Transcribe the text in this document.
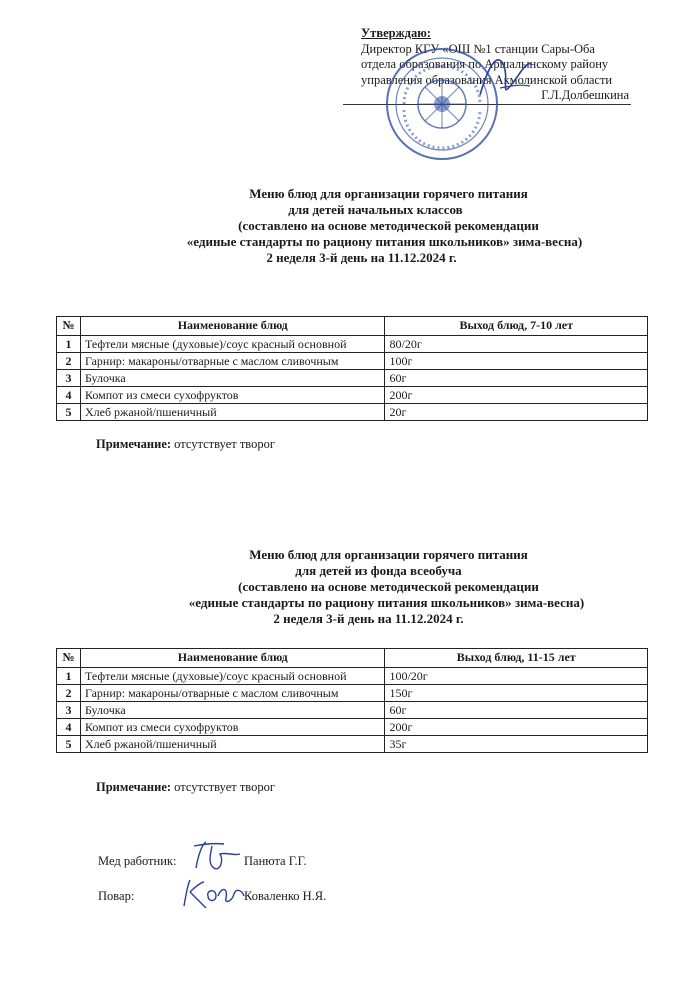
Утверждаю:
Директор КГУ «ОШ №1 станции Сары-Оба
отдела образования по Аршалынскому району
управления образования Акмолинской области
Г.Л.Долбешкина
Меню блюд для организации горячего питания
для детей начальных классов
(составлено на основе методической рекомендации
«единые стандарты по рациону питания школьников» зима-весна)
2 неделя 3-й день на 11.12.2024 г.
№	Наименование блюд	Выход блюд, 7-10 лет
1	Тефтели мясные (духовые)/соус красный основной	80/20г
2	Гарнир: макароны/отварные с маслом сливочным	100г
3	Булочка	60г
4	Компот из смеси сухофруктов	200г
5	Хлеб ржаной/пшеничный	20г
Примечание: отсутствует творог
Меню блюд для организации горячего питания
для детей из фонда всеобуча
(составлено на основе методической рекомендации
«единые стандарты по рациону питания школьников» зима-весна)
2 неделя 3-й день на 11.12.2024 г.
№	Наименование блюд	Выход блюд, 11-15 лет
1	Тефтели мясные (духовые)/соус красный основной	100/20г
2	Гарнир: макароны/отварные с маслом сливочным	150г
3	Булочка	60г
4	Компот из смеси сухофруктов	200г
5	Хлеб ржаной/пшеничный	35г
Примечание: отсутствует творог
Мед работник:	Панюта Г.Г.
Повар:	Коваленко Н.Я.
